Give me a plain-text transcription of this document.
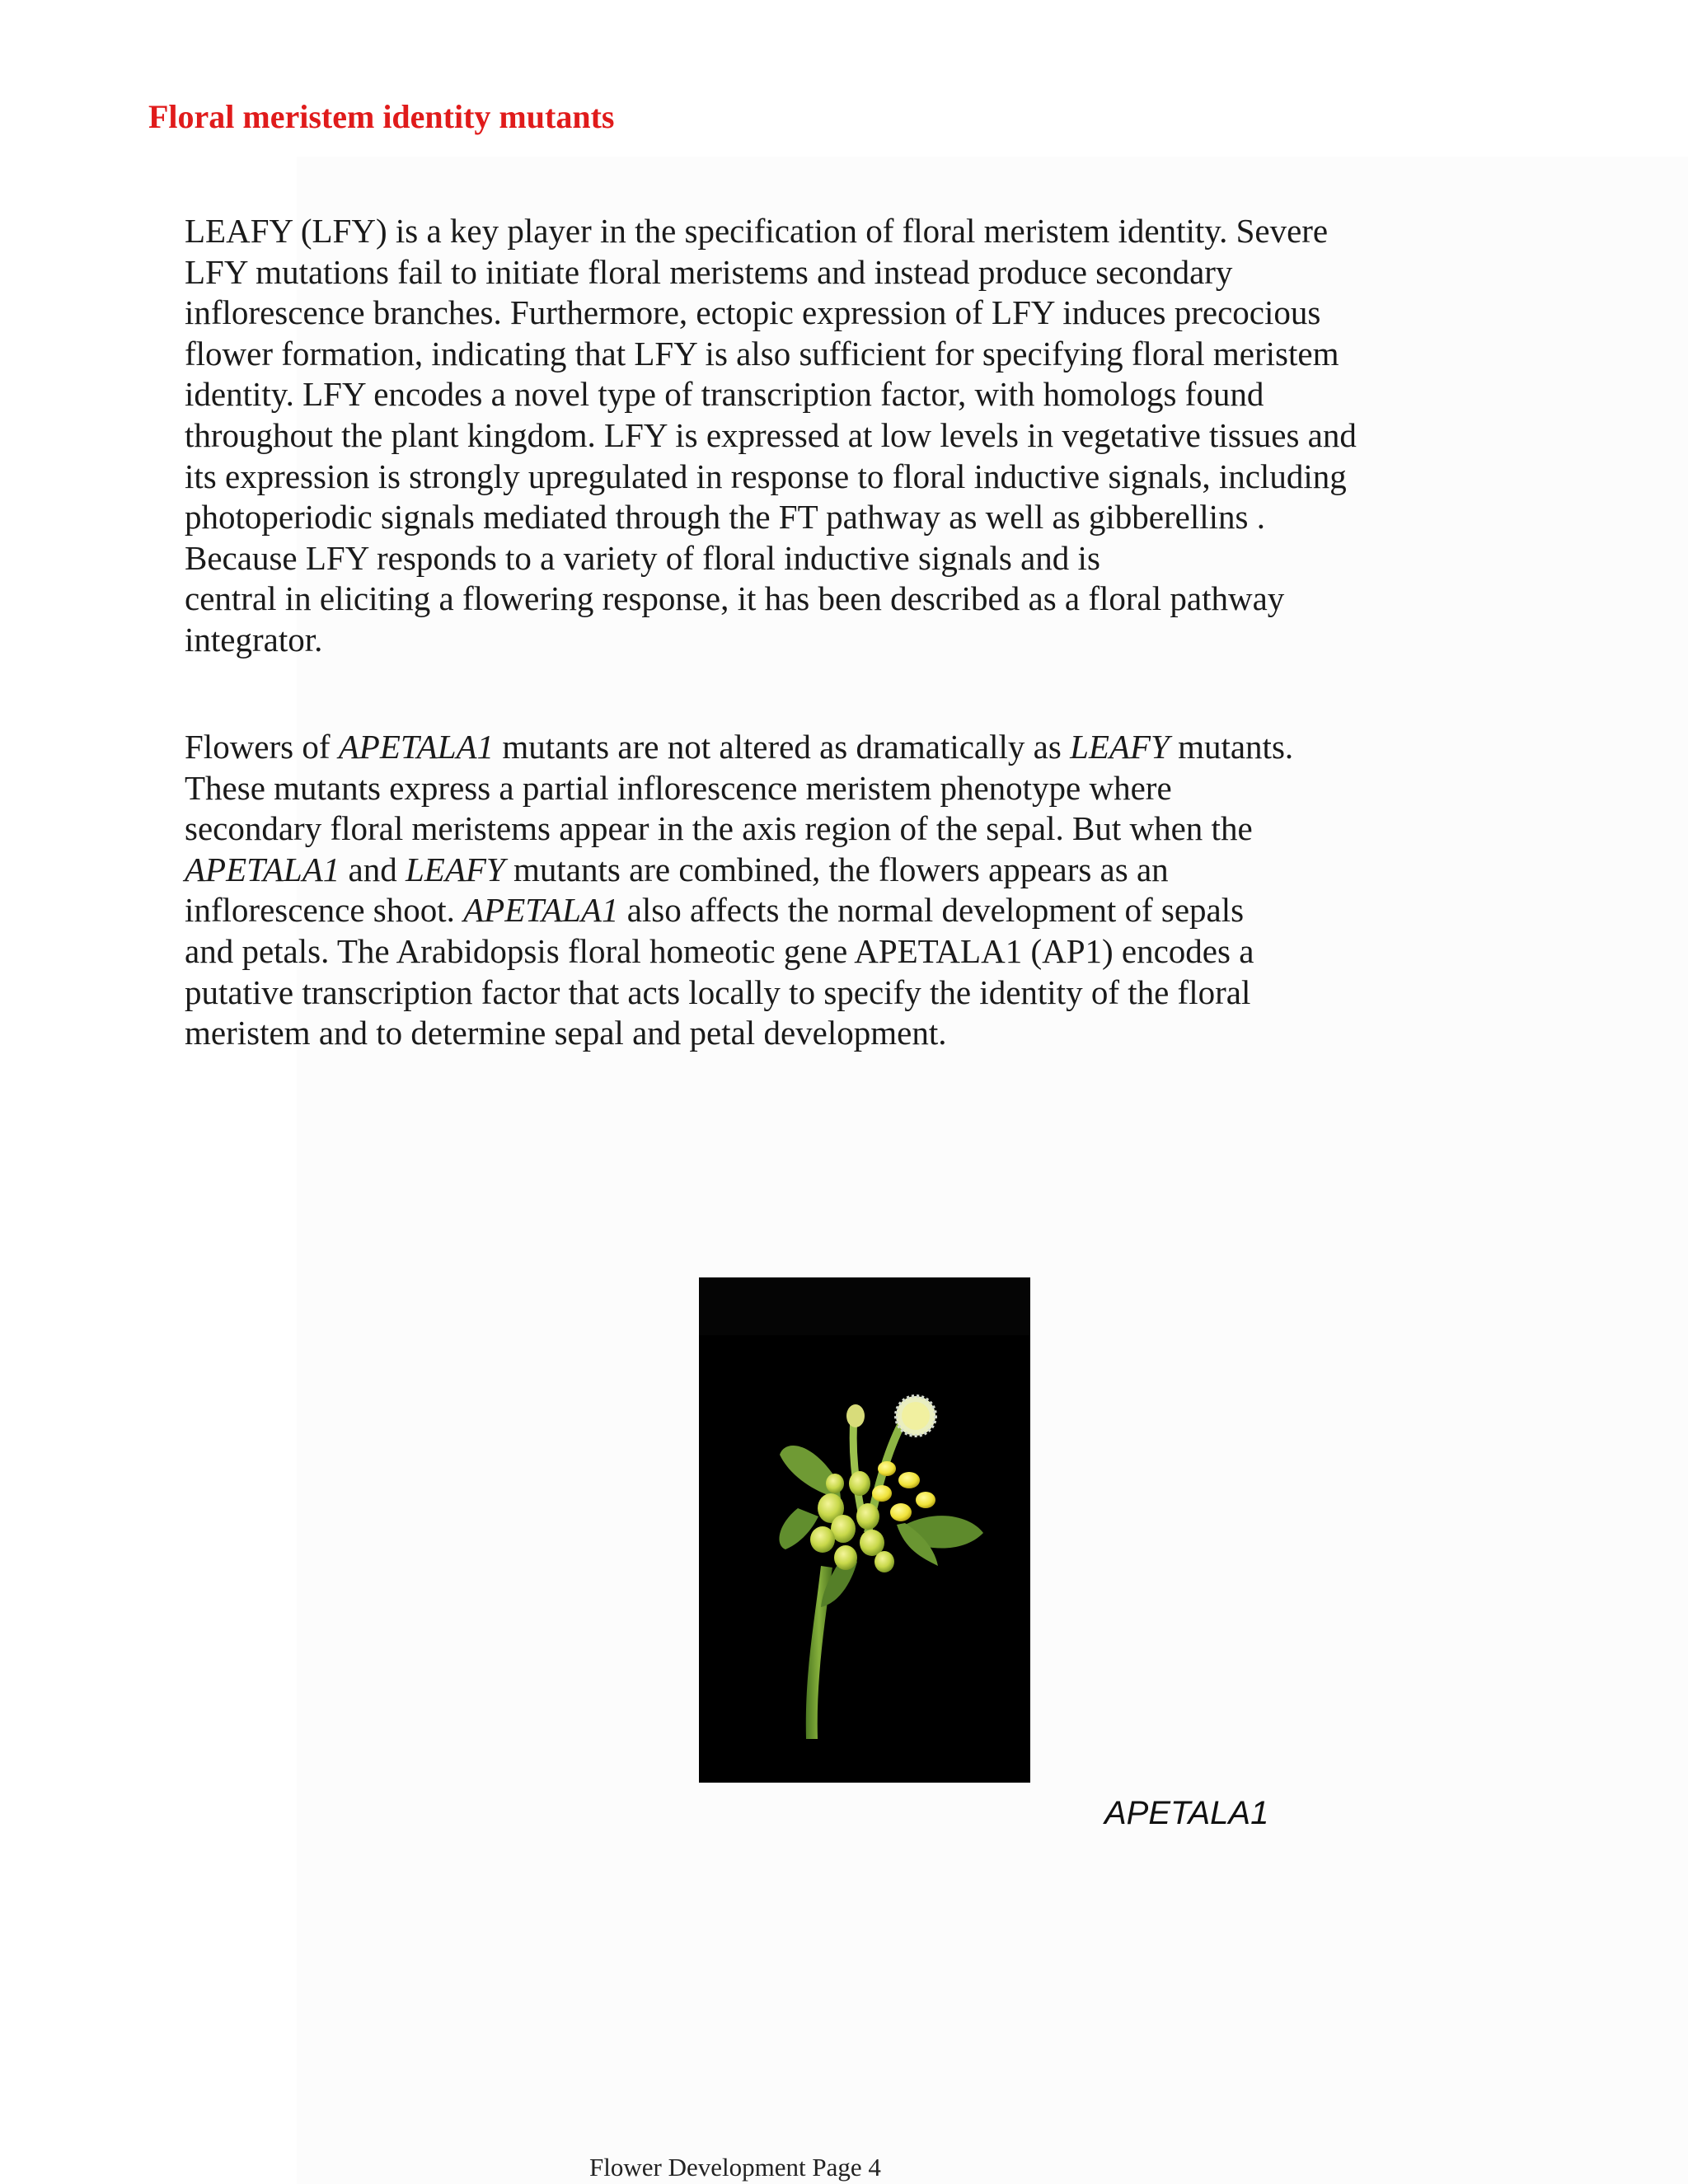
Floral meristem identity mutants
LEAFY (LFY) is a key player in the specification of floral meristem identity. Severe
LFY mutations fail to initiate floral meristems and instead produce secondary
inflorescence branches. Furthermore, ectopic expression of LFY induces precocious
flower formation, indicating that LFY is also sufficient for specifying floral meristem
identity. LFY encodes a novel type of transcription factor, with homologs found
throughout the plant kingdom. LFY is expressed at low levels in vegetative tissues and
its expression is strongly upregulated in response to floral inductive signals, including
photoperiodic signals mediated through the FT pathway as well as gibberellins .
Because LFY responds to a variety of floral inductive signals and is
central in eliciting a flowering response, it has been described as a floral pathway
integrator.
Flowers of APETALA1 mutants are not altered as dramatically as LEAFY mutants.
These mutants express a partial inflorescence meristem phenotype where
secondary floral meristems appear in the axis region of the sepal. But when the
APETALA1 and LEAFY mutants are combined, the flowers appears as an
inflorescence shoot. APETALA1 also affects the normal development of sepals
and petals. The Arabidopsis floral homeotic gene APETALA1 (AP1) encodes a
putative transcription factor that acts locally to specify the identity of the floral
meristem and to determine sepal and petal development.
APETALA1
Flower Development Page 4
